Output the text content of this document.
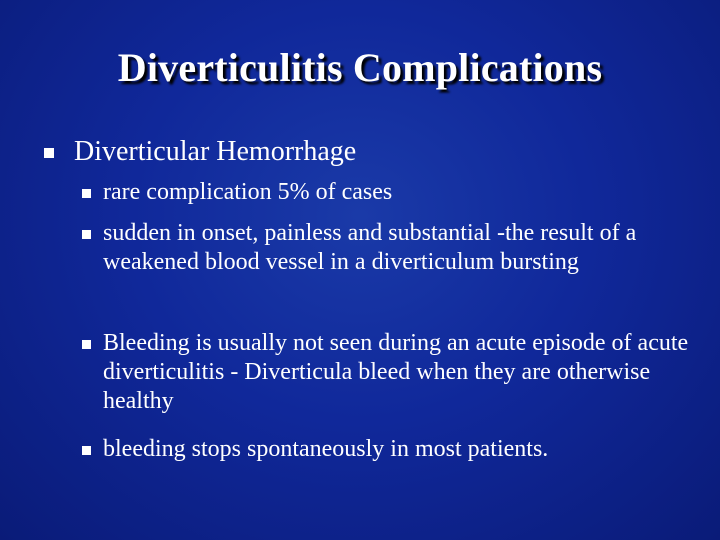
Diverticulitis Complications
Diverticular Hemorrhage
rare complication 5% of cases
sudden in onset, painless and substantial -the result of a weakened blood vessel in a diverticulum bursting
Bleeding is usually not seen during an acute episode of acute diverticulitis - Diverticula bleed when they are otherwise healthy
bleeding stops spontaneously in most patients.
